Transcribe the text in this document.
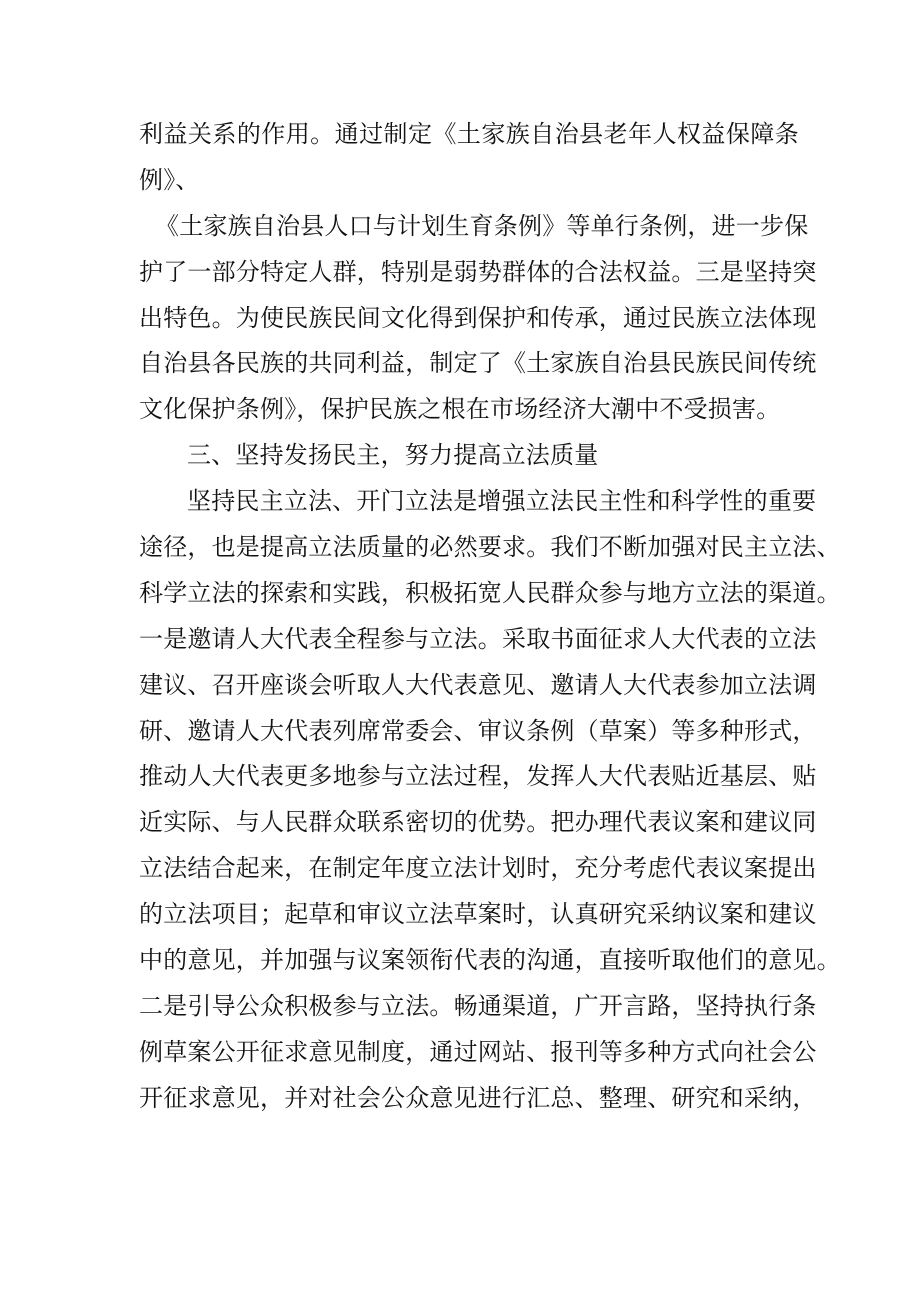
利益关系的作用。通过制定《土家族自治县老年人权益保障条
例》、
《土家族自治县人口与计划生育条例》等单行条例，进一步保
护了一部分特定人群，特别是弱势群体的合法权益。三是坚持突
出特色。为使民族民间文化得到保护和传承，通过民族立法体现
自治县各民族的共同利益，制定了《土家族自治县民族民间传统
文化保护条例》，保护民族之根在市场经济大潮中不受损害。
三、坚持发扬民主，努力提高立法质量
坚持民主立法、开门立法是增强立法民主性和科学性的重要
途径，也是提高立法质量的必然要求。我们不断加强对民主立法、
科学立法的探索和实践，积极拓宽人民群众参与地方立法的渠道。
一是邀请人大代表全程参与立法。采取书面征求人大代表的立法
建议、召开座谈会听取人大代表意见、邀请人大代表参加立法调
研、邀请人大代表列席常委会、审议条例（草案）等多种形式，
推动人大代表更多地参与立法过程，发挥人大代表贴近基层、贴
近实际、与人民群众联系密切的优势。把办理代表议案和建议同
立法结合起来，在制定年度立法计划时，充分考虑代表议案提出
的立法项目；起草和审议立法草案时，认真研究采纳议案和建议
中的意见，并加强与议案领衔代表的沟通，直接听取他们的意见。
二是引导公众积极参与立法。畅通渠道，广开言路，坚持执行条
例草案公开征求意见制度，通过网站、报刊等多种方式向社会公
开征求意见，并对社会公众意见进行汇总、整理、研究和采纳，
